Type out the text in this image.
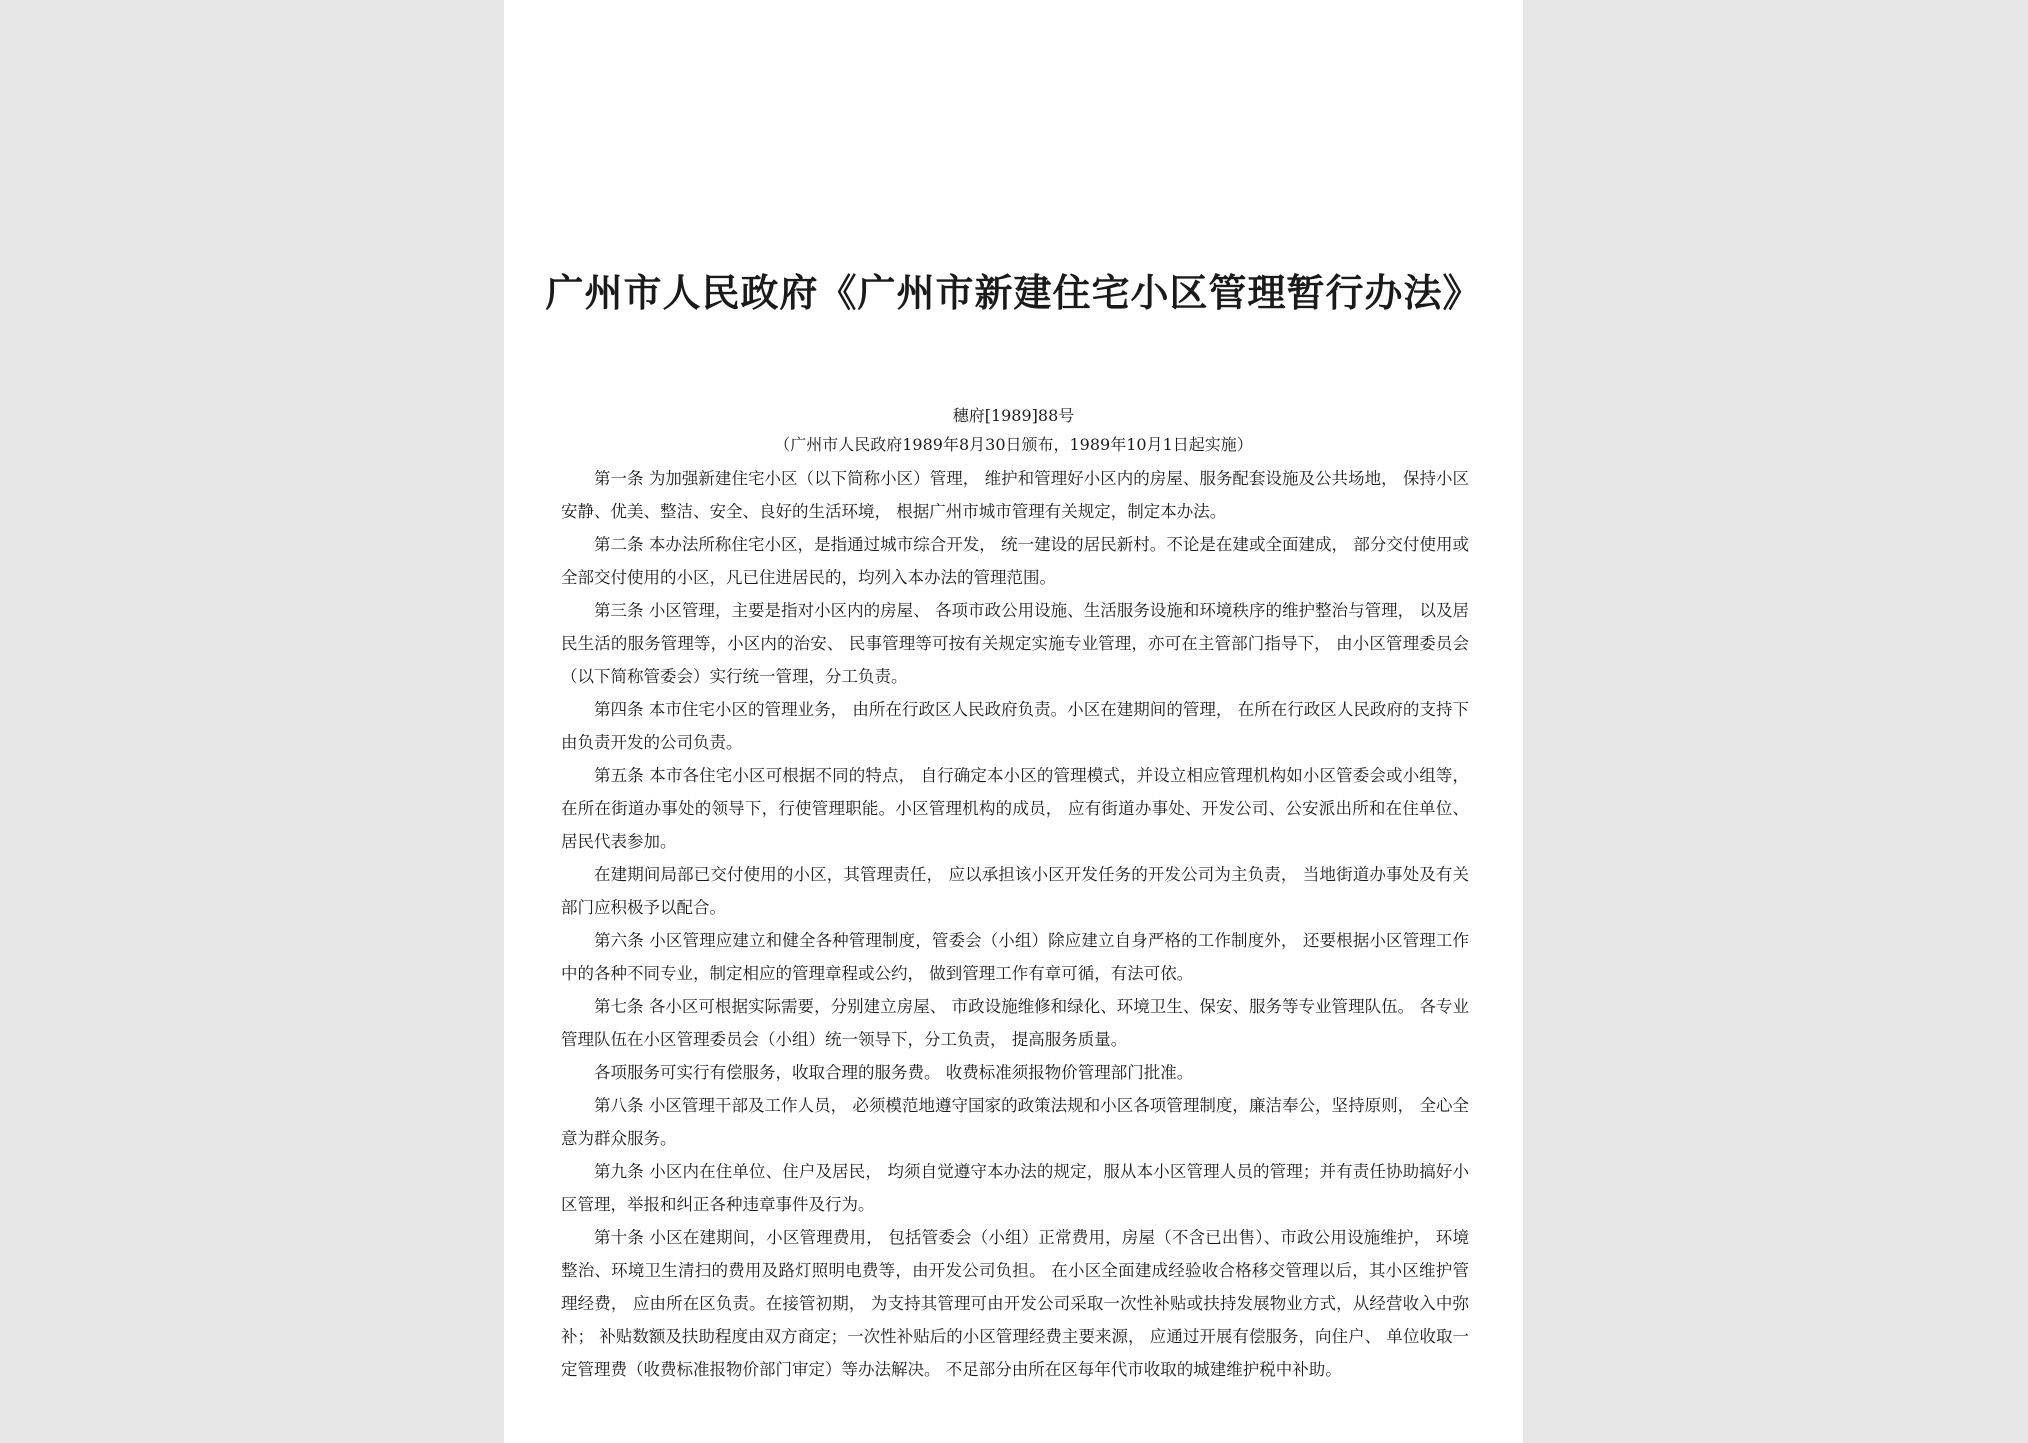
广州市人民政府《广州市新建住宅小区管理暂行办法》

穗府[1989]88号

（广州市人民政府1989年8月30日颁布，1989年10月1日起实施）

第一条 为加强新建住宅小区（以下简称小区）管理， 维护和管理好小区内的房屋、服务配套设施及公共场地， 保持小区安静、优美、整洁、安全、良好的生活环境， 根据广州市城市管理有关规定，制定本办法。

第二条 本办法所称住宅小区，是指通过城市综合开发， 统一建设的居民新村。不论是在建或全面建成， 部分交付使用或全部交付使用的小区，凡已住进居民的，均列入本办法的管理范围。

第三条 小区管理，主要是指对小区内的房屋、 各项市政公用设施、生活服务设施和环境秩序的维护整治与管理， 以及居民生活的服务管理等，小区内的治安、 民事管理等可按有关规定实施专业管理，亦可在主管部门指导下， 由小区管理委员会（以下简称管委会）实行统一管理，分工负责。

第四条 本市住宅小区的管理业务， 由所在行政区人民政府负责。小区在建期间的管理， 在所在行政区人民政府的支持下由负责开发的公司负责。

第五条 本市各住宅小区可根据不同的特点， 自行确定本小区的管理模式，并设立相应管理机构如小区管委会或小组等，在所在街道办事处的领导下，行使管理职能。小区管理机构的成员， 应有街道办事处、开发公司、公安派出所和在住单位、居民代表参加。

在建期间局部已交付使用的小区，其管理责任， 应以承担该小区开发任务的开发公司为主负责， 当地街道办事处及有关部门应积极予以配合。

第六条 小区管理应建立和健全各种管理制度，管委会（小组）除应建立自身严格的工作制度外， 还要根据小区管理工作中的各种不同专业，制定相应的管理章程或公约， 做到管理工作有章可循，有法可依。

第七条 各小区可根据实际需要，分别建立房屋、 市政设施维修和绿化、环境卫生、保安、服务等专业管理队伍。 各专业管理队伍在小区管理委员会（小组）统一领导下，分工负责， 提高服务质量。

各项服务可实行有偿服务，收取合理的服务费。 收费标准须报物价管理部门批准。

第八条 小区管理干部及工作人员， 必须模范地遵守国家的政策法规和小区各项管理制度，廉洁奉公，坚持原则， 全心全意为群众服务。

第九条 小区内在住单位、住户及居民， 均须自觉遵守本办法的规定，服从本小区管理人员的管理；并有责任协助搞好小区管理，举报和纠正各种违章事件及行为。

第十条 小区在建期间，小区管理费用， 包括管委会（小组）正常费用，房屋（不含已出售）、市政公用设施维护， 环境整治、环境卫生清扫的费用及路灯照明电费等，由开发公司负担。 在小区全面建成经验收合格移交管理以后，其小区维护管理经费， 应由所在区负责。在接管初期， 为支持其管理可由开发公司采取一次性补贴或扶持发展物业方式，从经营收入中弥补； 补贴数额及扶助程度由双方商定；一次性补贴后的小区管理经费主要来源， 应通过开展有偿服务，向住户、 单位收取一定管理费（收费标准报物价部门审定）等办法解决。 不足部分由所在区每年代市收取的城建维护税中补助。
